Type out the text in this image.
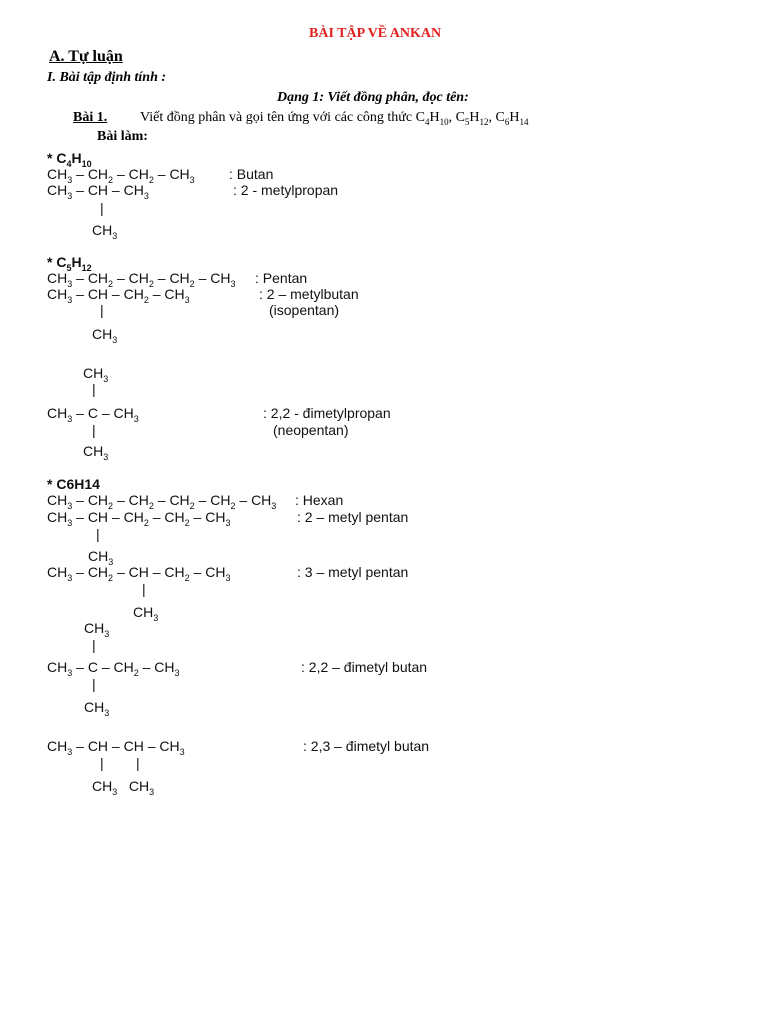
BÀI TẬP VỀ ANKAN
A. Tự luận
I. Bài tập định tính :
Dạng 1: Viết đồng phân, đọc tên:
Bài 1.	Viết đồng phân và gọi tên ứng với các công thức $C_4H_{10}$, $C_5H_{12}$, $C_6H_{14}$
Bài làm:
* $C_4H_{10}$
$CH_3 - CH_2 - CH_2 - CH_3$ : Butan
$CH_3$ – CH – $CH_3$	: 2 - metylpropan
|
$CH_3$
* $C_5H_{12}$
$CH_3 - CH_2 - CH_2 - CH_2 - CH_3$ : Pentan
$CH_3$ – CH – $CH_2 - CH_3$	: 2 – metylbutan
|	(isopentan)
$CH_3$
$CH_3$
|
$CH_3$ – C – $CH_3$	: 2,2 - đimetylpropan
|	(neopentan)
$CH_3$
* C6H14
$CH_3 - CH_2 - CH_2 - CH_2 - CH_2 - CH_3$ : Hexan
$CH_3$ – CH – $CH_2 - CH_2 - CH_3$	: 2 – metyl pentan
|
$CH_3$
$CH_3 - CH_2$ – CH – $CH_2 - CH_3$	: 3 – metyl pentan
|
$CH_3$
$CH_3$
|
$CH_3$ – C – $CH_2 - CH_3$	: 2,2 – đimetyl butan
|
$CH_3$
$CH_3$ – CH – CH – $CH_3$	: 2,3 – đimetyl butan
| |
$CH_3$   $CH_3$
